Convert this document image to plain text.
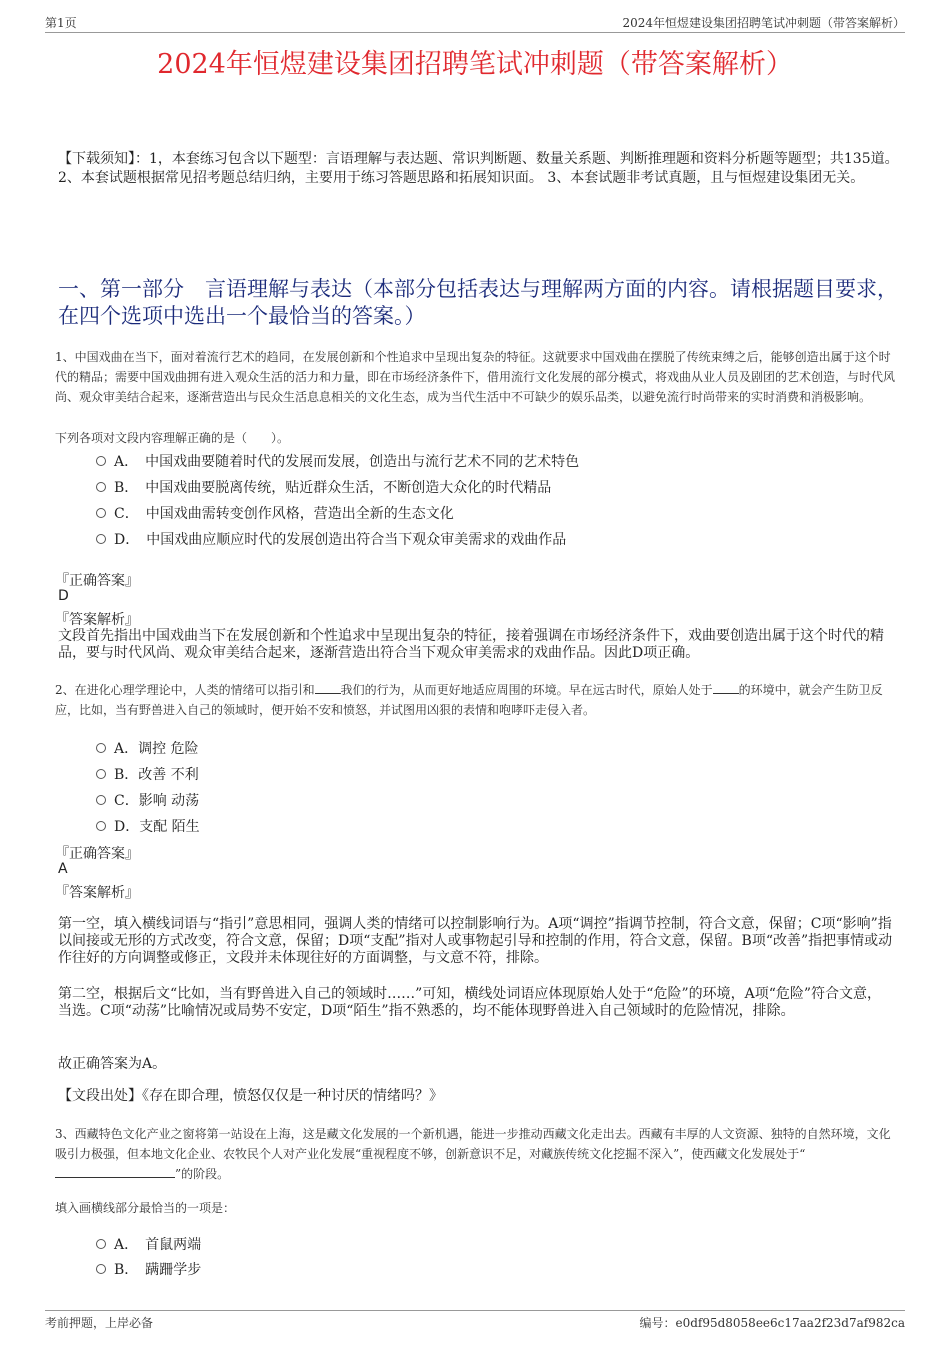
第1页	2024年恒煜建设集团招聘笔试冲刺题（带答案解析）
2024年恒煜建设集团招聘笔试冲刺题（带答案解析）
【下载须知】：1，本套练习包含以下题型：言语理解与表达题、常识判断题、数量关系题、判断推理题和资料分析题等题型；共135道。 2、本套试题根据常见招考题总结归纳，主要用于练习答题思路和拓展知识面。 3、本套试题非考试真题，且与恒煜建设集团无关。
一、第一部分　言语理解与表达（本部分包括表达与理解两方面的内容。请根据题目要求，在四个选项中选出一个最恰当的答案。）
1、中国戏曲在当下，面对着流行艺术的趋同，在发展创新和个性追求中呈现出复杂的特征。这就要求中国戏曲在摆脱了传统束缚之后，能够创造出属于这个时代的精品；需要中国戏曲拥有进入观众生活的活力和力量，即在市场经济条件下，借用流行文化发展的部分模式，将戏曲从业人员及剧团的艺术创造，与时代风尚、观众审美结合起来，逐渐营造出与民众生活息息相关的文化生态，成为当代生活中不可缺少的娱乐品类，以避免流行时尚带来的实时消费和消极影响。
下列各项对文段内容理解正确的是（　　）。
A．　中国戏曲要随着时代的发展而发展，创造出与流行艺术不同的艺术特色
B．　中国戏曲要脱离传统，贴近群众生活，不断创造大众化的时代精品
C．　中国戏曲需转变创作风格，营造出全新的生态文化
D．　中国戏曲应顺应时代的发展创造出符合当下观众审美需求的戏曲作品
『正确答案』
D
『答案解析』
文段首先指出中国戏曲当下在发展创新和个性追求中呈现出复杂的特征，接着强调在市场经济条件下，戏曲要创造出属于这个时代的精品，要与时代风尚、观众审美结合起来，逐渐营造出符合当下观众审美需求的戏曲作品。因此D项正确。
2、在进化心理学理论中，人类的情绪可以指引和 我们的行为，从而更好地适应周围的环境。早在远古时代，原始人处于 的环境中，就会产生防卫反应，比如，当有野兽进入自己的领域时，便开始不安和愤怒，并试图用凶狠的表情和咆哮吓走侵入者。
A．调控 危险
B．改善 不利
C．影响 动荡
D．支配 陌生
『正确答案』
A
『答案解析』
第一空，填入横线词语与“指引”意思相同，强调人类的情绪可以控制影响行为。A项“调控”指调节控制，符合文意，保留；C项“影响”指以间接或无形的方式改变，符合文意，保留；D项“支配”指对人或事物起引导和控制的作用，符合文意，保留。B项“改善”指把事情或动作往好的方向调整或修正，文段并未体现往好的方面调整，与文意不符，排除。
第二空，根据后文“比如，当有野兽进入自己的领域时……”可知，横线处词语应体现原始人处于“危险”的环境，A项“危险”符合文意，当选。C项“动荡”比喻情况或局势不安定，D项“陌生”指不熟悉的，均不能体现野兽进入自己领域时的危险情况，排除。
故正确答案为A。
【文段出处】《存在即合理，愤怒仅仅是一种讨厌的情绪吗？》
3、西藏特色文化产业之窗将第一站设在上海，这是藏文化发展的一个新机遇，能进一步推动西藏文化走出去。西藏有丰厚的人文资源、独特的自然环境，文化吸引力极强，但本地文化企业、农牧民个人对产业化发展“重视程度不够，创新意识不足，对藏族传统文化挖掘不深入”，使西藏文化发展处于“”的阶段。
填入画横线部分最恰当的一项是：
A．　首鼠两端
B．　蹒跚学步
考前押题，上岸必备	编号：e0df95d8058ee6c17aa2f23d7af982ca
